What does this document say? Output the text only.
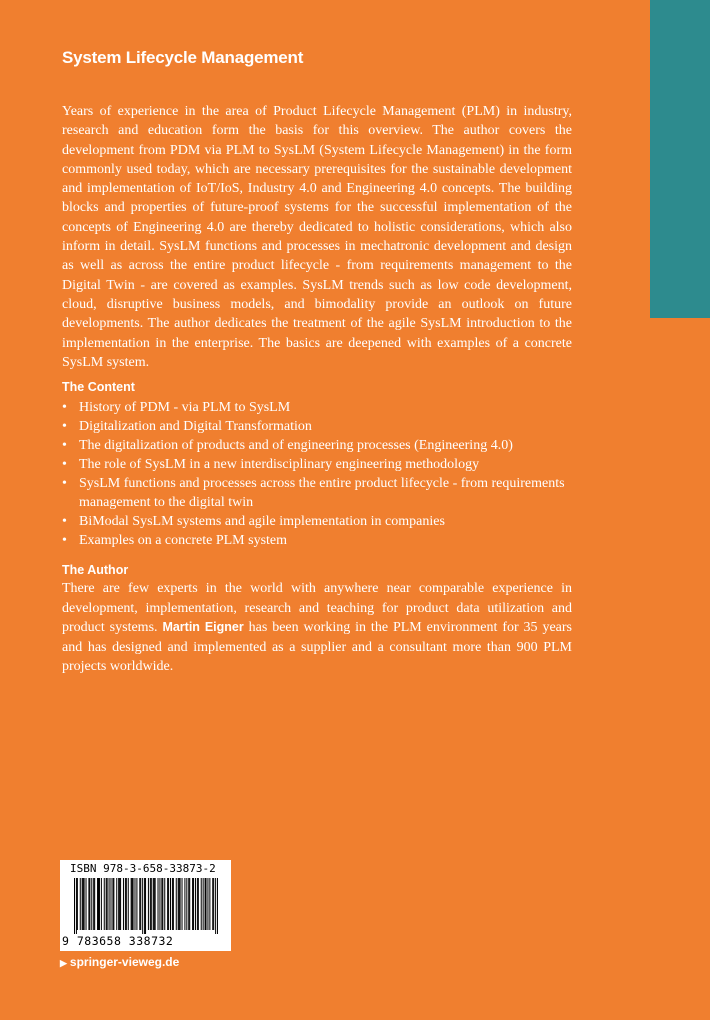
System Lifecycle Management

Years of experience in the area of Product Lifecycle Management (PLM) in industry, research and education form the basis for this overview. The author covers the development from PDM via PLM to SysLM (System Lifecycle Management) in the form commonly used today, which are necessary prerequisites for the sustainable development and implementation of IoT/IoS, Industry 4.0 and Engineering 4.0 concepts. The building blocks and properties of future-proof systems for the successful implementation of the concepts of Engineering 4.0 are thereby dedicated to holistic considerations, which also inform in detail. SysLM functions and processes in mechatronic development and design as well as across the entire product lifecycle - from requirements management to the Digital Twin - are covered as examples. SysLM trends such as low code development, cloud, disruptive business models, and bimodality provide an outlook on future developments. The author dedicates the treatment of the agile SysLM introduction to the implementation in the enterprise. The basics are deepened with examples of a concrete SysLM system.

The Content
• History of PDM - via PLM to SysLM
• Digitalization and Digital Transformation
• The digitalization of products and of engineering processes (Engineering 4.0)
• The role of SysLM in a new interdisciplinary engineering methodology
• SysLM functions and processes across the entire product lifecycle - from requirements management to the digital twin
• BiModal SysLM systems and agile implementation in companies
• Examples on a concrete PLM system
The Author

There are few experts in the world with anywhere near comparable experience in development, implementation, research and teaching for product data utilization and product systems. Martin Eigner has been working in the PLM environment for 35 years and has designed and implemented as a supplier and a consultant more than 900 PLM projects worldwide.

ISBN 978-3-658-33873-2
9 783658 338732
▶ springer-vieweg.de
